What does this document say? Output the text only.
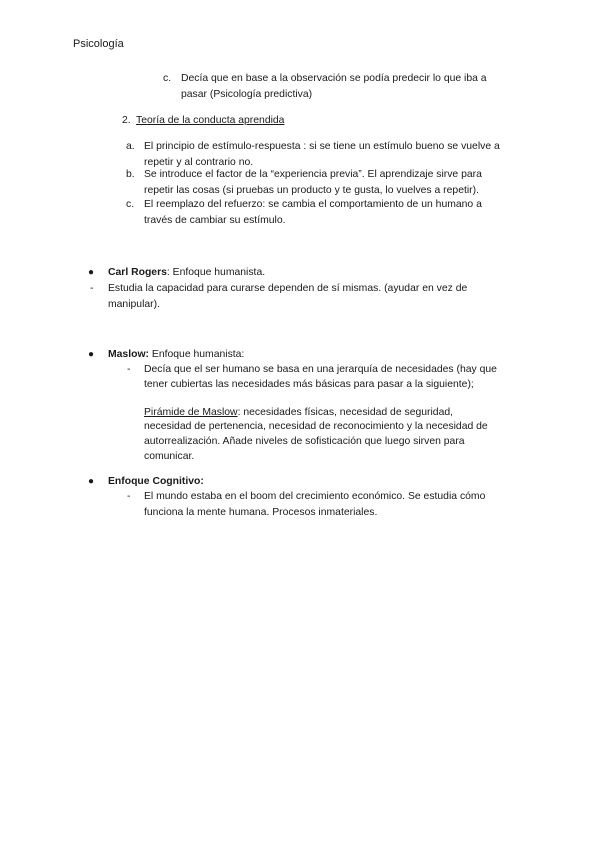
Psicología
c. Decía que en base a la observación se podía predecir lo que iba a
pasar (Psicología predictiva)
2. Teoría de la conducta aprendida
a. El principio de estímulo-respuesta : si se tiene un estímulo bueno se vuelve a
repetir y al contrario no.
b. Se introduce el factor de la “experiencia previa”. El aprendizaje sirve para
repetir las cosas (si pruebas un producto y te gusta, lo vuelves a repetir).
c. El reemplazo del refuerzo: se cambia el comportamiento de un humano a
través de cambiar su estímulo.
● Carl Rogers: Enfoque humanista.
- Estudia la capacidad para curarse dependen de sí mismas. (ayudar en vez de
manipular).
● Maslow: Enfoque humanista:
- Decía que el ser humano se basa en una jerarquía de necesidades (hay que
tener cubiertas las necesidades más básicas para pasar a la siguiente);
Pirámide de Maslow: necesidades físicas, necesidad de seguridad,
necesidad de pertenencia, necesidad de reconocimiento y la necesidad de
autorrealización. Añade niveles de sofisticación que luego sirven para
comunicar.
● Enfoque Cognitivo:
- El mundo estaba en el boom del crecimiento económico. Se estudia cómo
funciona la mente humana. Procesos inmateriales.
